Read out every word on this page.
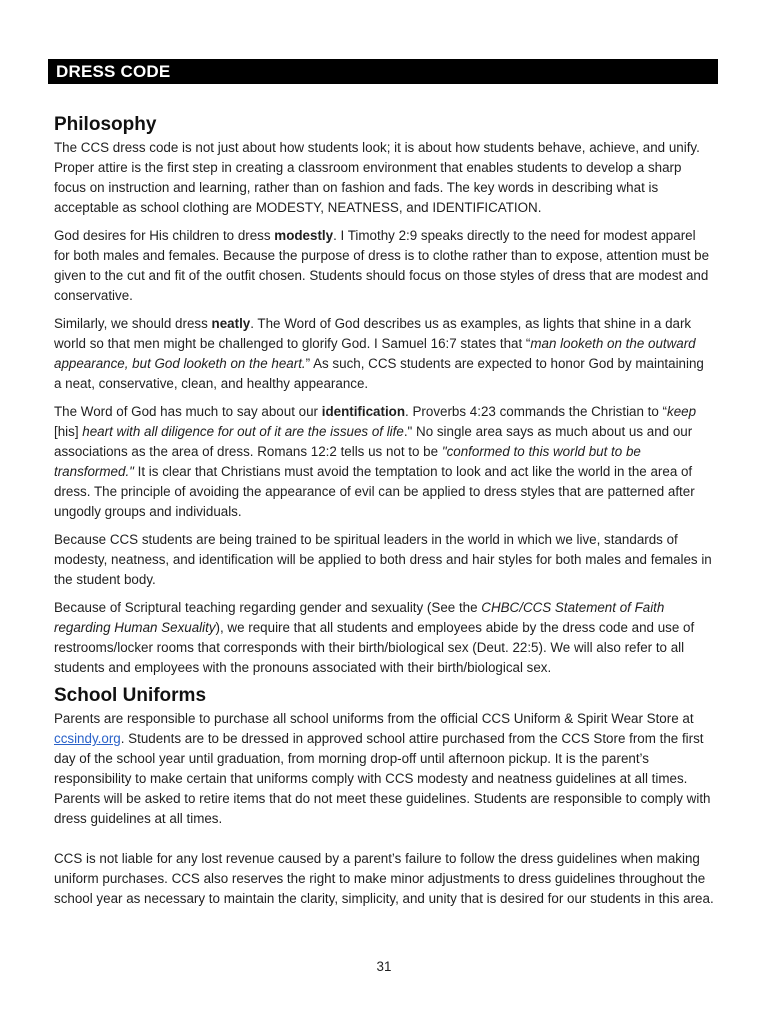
DRESS CODE
Philosophy

The CCS dress code is not just about how students look; it is about how students behave, achieve, and unify. Proper attire is the first step in creating a classroom environment that enables students to develop a sharp focus on instruction and learning, rather than on fashion and fads. The key words in describing what is acceptable as school clothing are MODESTY, NEATNESS, and IDENTIFICATION.

God desires for His children to dress modestly. I Timothy 2:9 speaks directly to the need for modest apparel for both males and females. Because the purpose of dress is to clothe rather than to expose, attention must be given to the cut and fit of the outfit chosen. Students should focus on those styles of dress that are modest and conservative.

Similarly, we should dress neatly. The Word of God describes us as examples, as lights that shine in a dark world so that men might be challenged to glorify God. I Samuel 16:7 states that “man looketh on the outward appearance, but God looketh on the heart.” As such, CCS students are expected to honor God by maintaining a neat, conservative, clean, and healthy appearance.

The Word of God has much to say about our identification. Proverbs 4:23 commands the Christian to “keep [his] heart with all diligence for out of it are the issues of life." No single area says as much about us and our associations as the area of dress. Romans 12:2 tells us not to be "conformed to this world but to be transformed." It is clear that Christians must avoid the temptation to look and act like the world in the area of dress. The principle of avoiding the appearance of evil can be applied to dress styles that are patterned after ungodly groups and individuals.

Because CCS students are being trained to be spiritual leaders in the world in which we live, standards of modesty, neatness, and identification will be applied to both dress and hair styles for both males and females in the student body.

Because of Scriptural teaching regarding gender and sexuality (See the CHBC/CCS Statement of Faith regarding Human Sexuality), we require that all students and employees abide by the dress code and use of restrooms/locker rooms that corresponds with their birth/biological sex (Deut. 22:5). We will also refer to all students and employees with the pronouns associated with their birth/biological sex.

School Uniforms

Parents are responsible to purchase all school uniforms from the official CCS Uniform & Spirit Wear Store at ccsindy.org. Students are to be dressed in approved school attire purchased from the CCS Store from the first day of the school year until graduation, from morning drop-off until afternoon pickup. It is the parent’s responsibility to make certain that uniforms comply with CCS modesty and neatness guidelines at all times. Parents will be asked to retire items that do not meet these guidelines. Students are responsible to comply with dress guidelines at all times.

CCS is not liable for any lost revenue caused by a parent’s failure to follow the dress guidelines when making uniform purchases. CCS also reserves the right to make minor adjustments to dress guidelines throughout the school year as necessary to maintain the clarity, simplicity, and unity that is desired for our students in this area.

31
